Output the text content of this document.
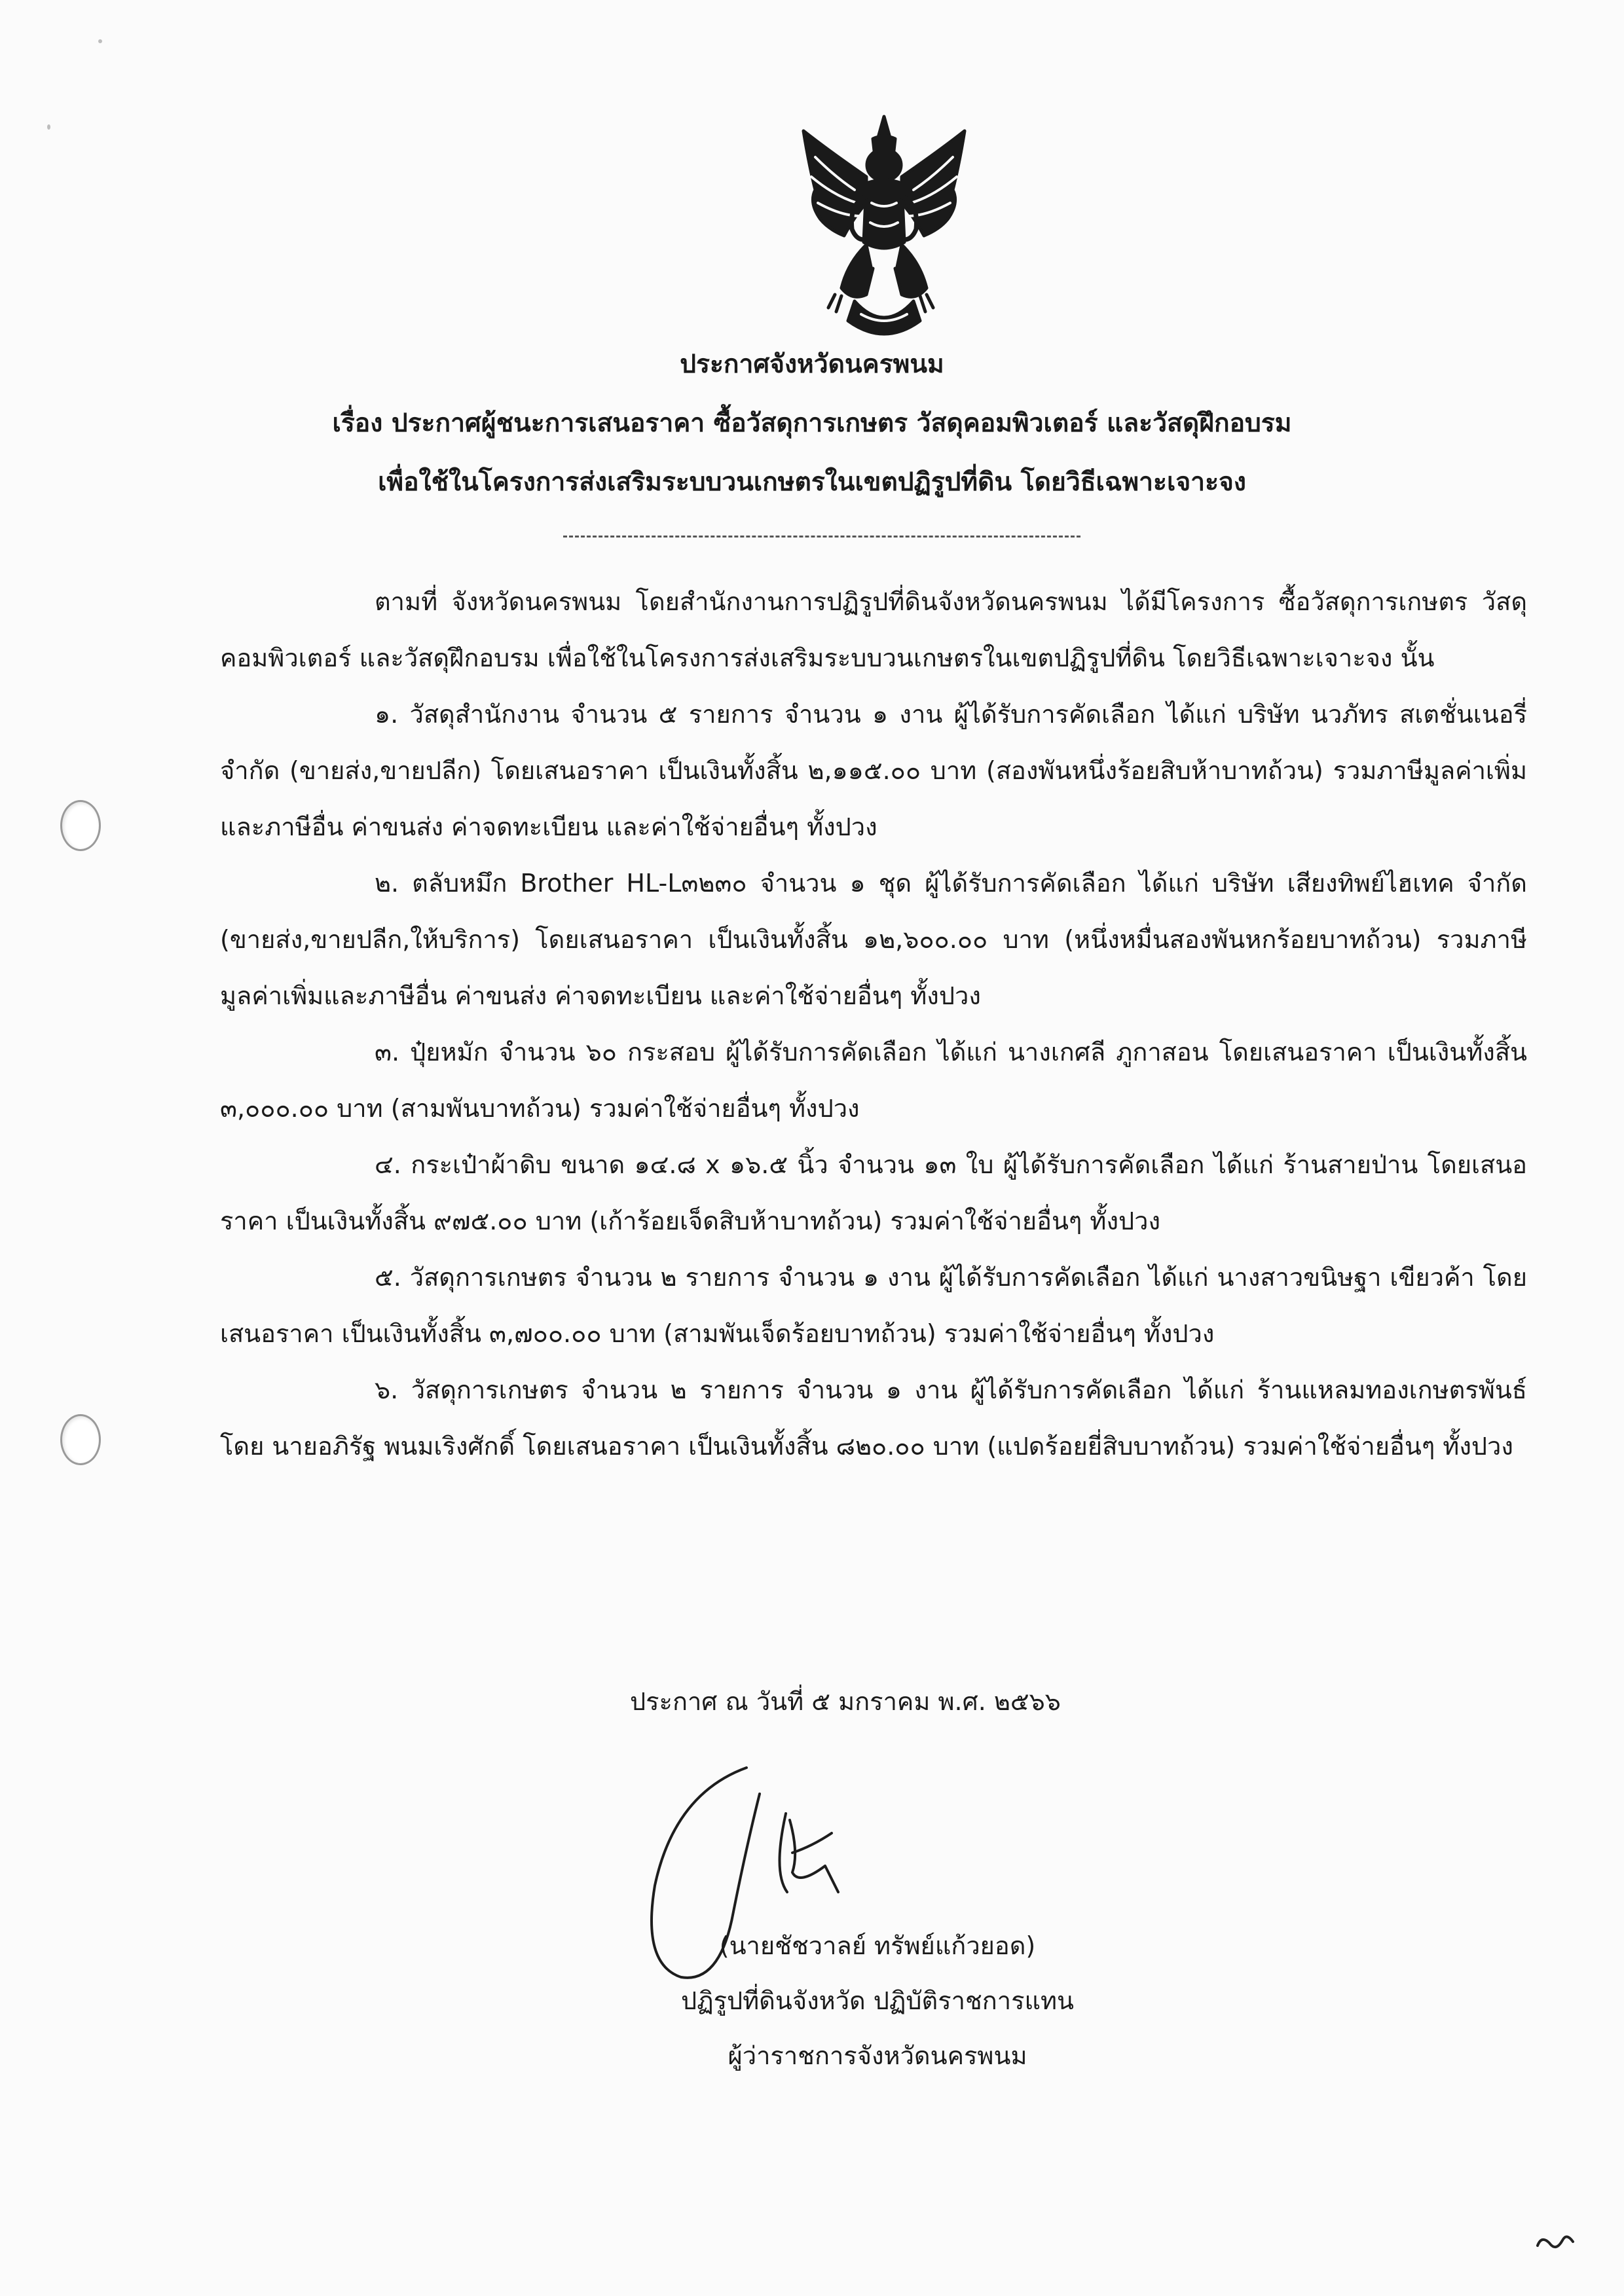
ประกาศจังหวัดนครพนม
เรื่อง ประกาศผู้ชนะการเสนอราคา ซื้อวัสดุการเกษตร วัสดุคอมพิวเตอร์ และวัสดุฝึกอบรม
เพื่อใช้ในโครงการส่งเสริมระบบวนเกษตรในเขตปฏิรูปที่ดิน โดยวิธีเฉพาะเจาะจง

ตามที่ จังหวัดนครพนม โดยสำนักงานการปฏิรูปที่ดินจังหวัดนครพนม ได้มีโครงการ ซื้อวัสดุการเกษตร วัสดุคอมพิวเตอร์ และวัสดุฝึกอบรม เพื่อใช้ในโครงการส่งเสริมระบบวนเกษตรในเขตปฏิรูปที่ดิน โดยวิธีเฉพาะเจาะจง นั้น

๑. วัสดุสำนักงาน จำนวน ๕ รายการ จำนวน ๑ งาน ผู้ได้รับการคัดเลือก ได้แก่ บริษัท นวภัทร สเตชั่นเนอรี่ จำกัด (ขายส่ง,ขายปลีก) โดยเสนอราคา เป็นเงินทั้งสิ้น ๒,๑๑๕.๐๐ บาท (สองพันหนึ่งร้อยสิบห้าบาทถ้วน) รวมภาษีมูลค่าเพิ่มและภาษีอื่น ค่าขนส่ง ค่าจดทะเบียน และค่าใช้จ่ายอื่นๆ ทั้งปวง

๒. ตลับหมึก Brother HL-L๓๒๓๐ จำนวน ๑ ชุด ผู้ได้รับการคัดเลือก ได้แก่ บริษัท เสียงทิพย์ไฮเทค จำกัด (ขายส่ง,ขายปลีก,ให้บริการ) โดยเสนอราคา เป็นเงินทั้งสิ้น ๑๒,๖๐๐.๐๐ บาท (หนึ่งหมื่นสองพันหกร้อยบาทถ้วน) รวมภาษีมูลค่าเพิ่มและภาษีอื่น ค่าขนส่ง ค่าจดทะเบียน และค่าใช้จ่ายอื่นๆ ทั้งปวง

๓. ปุ๋ยหมัก จำนวน ๖๐ กระสอบ ผู้ได้รับการคัดเลือก ได้แก่ นางเกศลี ภูกาสอน โดยเสนอราคา เป็นเงินทั้งสิ้น ๓,๐๐๐.๐๐ บาท (สามพันบาทถ้วน) รวมค่าใช้จ่ายอื่นๆ ทั้งปวง

๔. กระเป๋าผ้าดิบ ขนาด ๑๔.๘ x ๑๖.๕ นิ้ว จำนวน ๑๓ ใบ ผู้ได้รับการคัดเลือก ได้แก่ ร้านสายป่าน โดยเสนอราคา เป็นเงินทั้งสิ้น ๙๗๕.๐๐ บาท (เก้าร้อยเจ็ดสิบห้าบาทถ้วน) รวมค่าใช้จ่ายอื่นๆ ทั้งปวง

๕. วัสดุการเกษตร จำนวน ๒ รายการ จำนวน ๑ งาน ผู้ได้รับการคัดเลือก ได้แก่ นางสาวขนิษฐา เขียวค้า โดยเสนอราคา เป็นเงินทั้งสิ้น ๓,๗๐๐.๐๐ บาท (สามพันเจ็ดร้อยบาทถ้วน) รวมค่าใช้จ่ายอื่นๆ ทั้งปวง

๖. วัสดุการเกษตร จำนวน ๒ รายการ จำนวน ๑ งาน ผู้ได้รับการคัดเลือก ได้แก่ ร้านแหลมทองเกษตรพันธ์ โดย นายอภิรัฐ พนมเริงศักดิ์ โดยเสนอราคา เป็นเงินทั้งสิ้น ๘๒๐.๐๐ บาท (แปดร้อยยี่สิบบาทถ้วน) รวมค่าใช้จ่ายอื่นๆ ทั้งปวง

ประกาศ ณ วันที่ ๕ มกราคม พ.ศ. ๒๕๖๖
(นายชัชวาลย์ ทรัพย์แก้วยอด)
ปฏิรูปที่ดินจังหวัด ปฏิบัติราชการแทน
ผู้ว่าราชการจังหวัดนครพนม
